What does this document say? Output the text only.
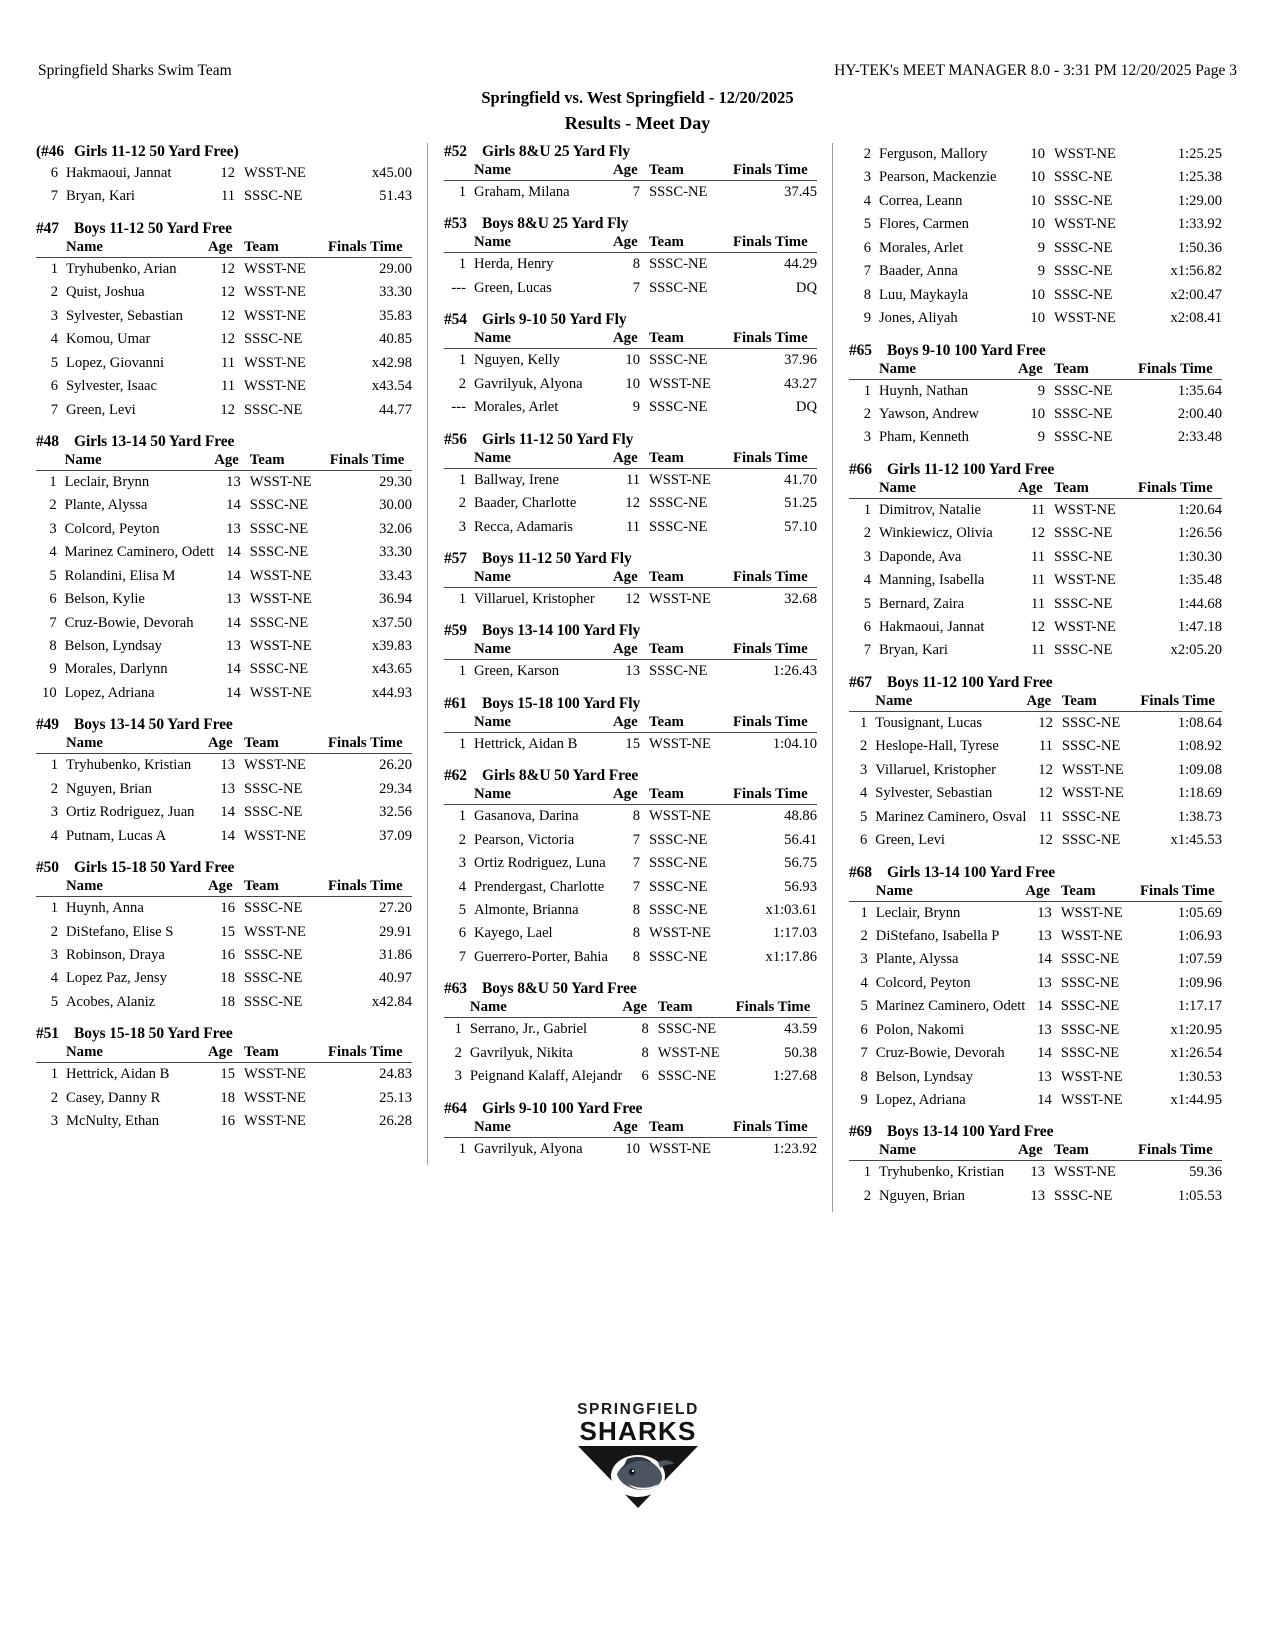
Springfield Sharks Swim Team	HY-TEK's MEET MANAGER 8.0 - 3:31 PM 12/20/2025 Page 3
Springfield vs. West Springfield - 12/20/2025
Results - Meet Day
(#46 Girls 11-12 50 Yard Free)
6	Hakmaoui, Jannat	12	WSST-NE	x45.00
7	Bryan, Kari	11	SSSC-NE	51.43
#47 Boys 11-12 50 Yard Free
	Name	Age	Team	Finals Time
1	Tryhubenko, Arian	12	WSST-NE	29.00
2	Quist, Joshua	12	WSST-NE	33.30
3	Sylvester, Sebastian	12	WSST-NE	35.83
4	Komou, Umar	12	SSSC-NE	40.85
5	Lopez, Giovanni	11	WSST-NE	x42.98
6	Sylvester, Isaac	11	WSST-NE	x43.54
7	Green, Levi	12	SSSC-NE	44.77
#48 Girls 13-14 50 Yard Free
	Name	Age	Team	Finals Time
1	Leclair, Brynn	13	WSST-NE	29.30
2	Plante, Alyssa	14	SSSC-NE	30.00
3	Colcord, Peyton	13	SSSC-NE	32.06
4	Marinez Caminero, Odett	14	SSSC-NE	33.30
5	Rolandini, Elisa M	14	WSST-NE	33.43
6	Belson, Kylie	13	WSST-NE	36.94
7	Cruz-Bowie, Devorah	14	SSSC-NE	x37.50
8	Belson, Lyndsay	13	WSST-NE	x39.83
9	Morales, Darlynn	14	SSSC-NE	x43.65
10	Lopez, Adriana	14	WSST-NE	x44.93
#49 Boys 13-14 50 Yard Free
	Name	Age	Team	Finals Time
1	Tryhubenko, Kristian	13	WSST-NE	26.20
2	Nguyen, Brian	13	SSSC-NE	29.34
3	Ortiz Rodriguez, Juan	14	SSSC-NE	32.56
4	Putnam, Lucas A	14	WSST-NE	37.09
#50 Girls 15-18 50 Yard Free
	Name	Age	Team	Finals Time
1	Huynh, Anna	16	SSSC-NE	27.20
2	DiStefano, Elise S	15	WSST-NE	29.91
3	Robinson, Draya	16	SSSC-NE	31.86
4	Lopez Paz, Jensy	18	SSSC-NE	40.97
5	Acobes, Alaniz	18	SSSC-NE	x42.84
#51 Boys 15-18 50 Yard Free
	Name	Age	Team	Finals Time
1	Hettrick, Aidan B	15	WSST-NE	24.83
2	Casey, Danny R	18	WSST-NE	25.13
3	McNulty, Ethan	16	WSST-NE	26.28
#52 Girls 8&U 25 Yard Fly
	Name	Age	Team	Finals Time
1	Graham, Milana	7	SSSC-NE	37.45
#53 Boys 8&U 25 Yard Fly
	Name	Age	Team	Finals Time
1	Herda, Henry	8	SSSC-NE	44.29
---	Green, Lucas	7	SSSC-NE	DQ
#54 Girls 9-10 50 Yard Fly
	Name	Age	Team	Finals Time
1	Nguyen, Kelly	10	SSSC-NE	37.96
2	Gavrilyuk, Alyona	10	WSST-NE	43.27
---	Morales, Arlet	9	SSSC-NE	DQ
#56 Girls 11-12 50 Yard Fly
	Name	Age	Team	Finals Time
1	Ballway, Irene	11	WSST-NE	41.70
2	Baader, Charlotte	12	SSSC-NE	51.25
3	Recca, Adamaris	11	SSSC-NE	57.10
#57 Boys 11-12 50 Yard Fly
	Name	Age	Team	Finals Time
1	Villaruel, Kristopher	12	WSST-NE	32.68
#59 Boys 13-14 100 Yard Fly
	Name	Age	Team	Finals Time
1	Green, Karson	13	SSSC-NE	1:26.43
#61 Boys 15-18 100 Yard Fly
	Name	Age	Team	Finals Time
1	Hettrick, Aidan B	15	WSST-NE	1:04.10
#62 Girls 8&U 50 Yard Free
	Name	Age	Team	Finals Time
1	Gasanova, Darina	8	WSST-NE	48.86
2	Pearson, Victoria	7	SSSC-NE	56.41
3	Ortiz Rodriguez, Luna	7	SSSC-NE	56.75
4	Prendergast, Charlotte	7	SSSC-NE	56.93
5	Almonte, Brianna	8	SSSC-NE	x1:03.61
6	Kayego, Lael	8	WSST-NE	1:17.03
7	Guerrero-Porter, Bahia	8	SSSC-NE	x1:17.86
#63 Boys 8&U 50 Yard Free
	Name	Age	Team	Finals Time
1	Serrano, Jr., Gabriel	8	SSSC-NE	43.59
2	Gavrilyuk, Nikita	8	WSST-NE	50.38
3	Peignand Kalaff, Alejandr	6	SSSC-NE	1:27.68
#64 Girls 9-10 100 Yard Free
	Name	Age	Team	Finals Time
1	Gavrilyuk, Alyona	10	WSST-NE	1:23.92
2	Ferguson, Mallory	10	WSST-NE	1:25.25
3	Pearson, Mackenzie	10	SSSC-NE	1:25.38
4	Correa, Leann	10	SSSC-NE	1:29.00
5	Flores, Carmen	10	WSST-NE	1:33.92
6	Morales, Arlet	9	SSSC-NE	1:50.36
7	Baader, Anna	9	SSSC-NE	x1:56.82
8	Luu, Maykayla	10	SSSC-NE	x2:00.47
9	Jones, Aliyah	10	WSST-NE	x2:08.41
#65 Boys 9-10 100 Yard Free
	Name	Age	Team	Finals Time
1	Huynh, Nathan	9	SSSC-NE	1:35.64
2	Yawson, Andrew	10	SSSC-NE	2:00.40
3	Pham, Kenneth	9	SSSC-NE	2:33.48
#66 Girls 11-12 100 Yard Free
	Name	Age	Team	Finals Time
1	Dimitrov, Natalie	11	WSST-NE	1:20.64
2	Winkiewicz, Olivia	12	SSSC-NE	1:26.56
3	Daponde, Ava	11	SSSC-NE	1:30.30
4	Manning, Isabella	11	WSST-NE	1:35.48
5	Bernard, Zaira	11	SSSC-NE	1:44.68
6	Hakmaoui, Jannat	12	WSST-NE	1:47.18
7	Bryan, Kari	11	SSSC-NE	x2:05.20
#67 Boys 11-12 100 Yard Free
	Name	Age	Team	Finals Time
1	Tousignant, Lucas	12	SSSC-NE	1:08.64
2	Heslope-Hall, Tyrese	11	SSSC-NE	1:08.92
3	Villaruel, Kristopher	12	WSST-NE	1:09.08
4	Sylvester, Sebastian	12	WSST-NE	1:18.69
5	Marinez Caminero, Osval	11	SSSC-NE	1:38.73
6	Green, Levi	12	SSSC-NE	x1:45.53
#68 Girls 13-14 100 Yard Free
	Name	Age	Team	Finals Time
1	Leclair, Brynn	13	WSST-NE	1:05.69
2	DiStefano, Isabella P	13	WSST-NE	1:06.93
3	Plante, Alyssa	14	SSSC-NE	1:07.59
4	Colcord, Peyton	13	SSSC-NE	1:09.96
5	Marinez Caminero, Odett	14	SSSC-NE	1:17.17
6	Polon, Nakomi	13	SSSC-NE	x1:20.95
7	Cruz-Bowie, Devorah	14	SSSC-NE	x1:26.54
8	Belson, Lyndsay	13	WSST-NE	1:30.53
9	Lopez, Adriana	14	WSST-NE	x1:44.95
#69 Boys 13-14 100 Yard Free
	Name	Age	Team	Finals Time
1	Tryhubenko, Kristian	13	WSST-NE	59.36
2	Nguyen, Brian	13	SSSC-NE	1:05.53
SPRINGFIELD
SHARKS
